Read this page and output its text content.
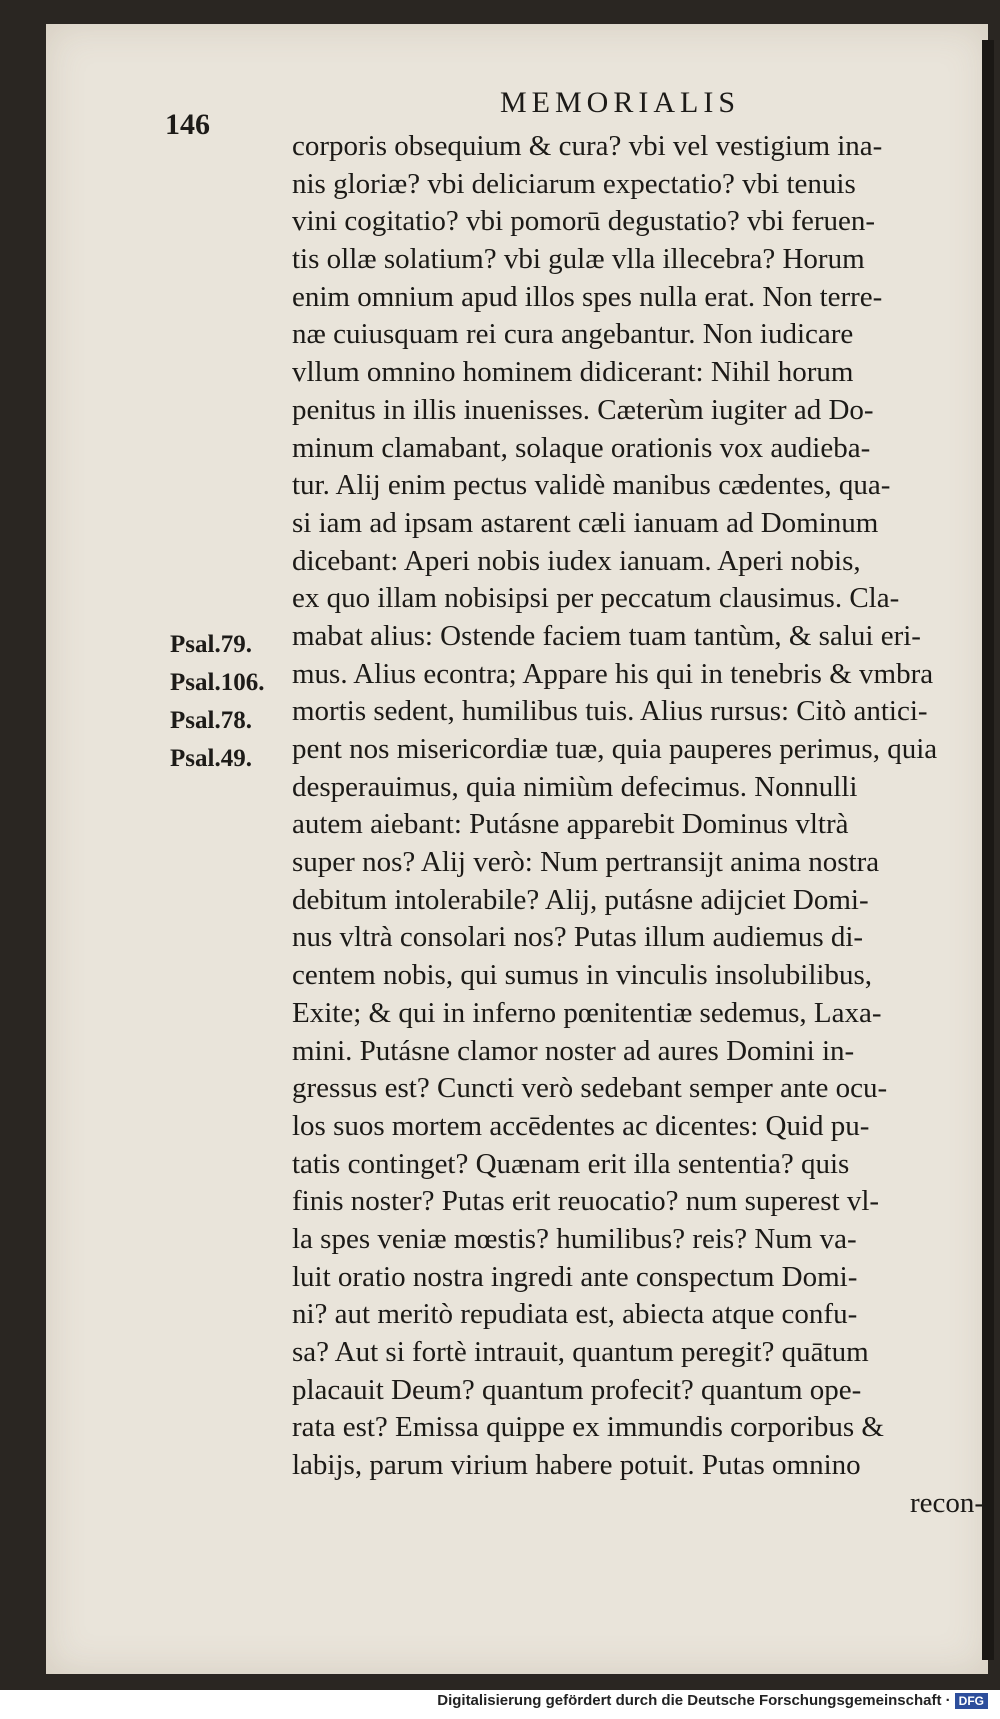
146
MEMORIALIS
corporis obsequium & cura? vbi vel vestigium ina-
nis gloriæ? vbi deliciarum expectatio? vbi tenuis
vini cogitatio? vbi pomorū degustatio? vbi feruen-
tis ollæ solatium? vbi gulæ vlla illecebra? Horum
enim omnium apud illos spes nulla erat. Non terre-
næ cuiusquam rei cura angebantur. Non iudicare
vllum omnino hominem didicerant: Nihil horum
penitus in illis inuenisses. Cæterùm iugiter ad Do-
minum clamabant, solaque orationis vox audieba-
tur. Alij enim pectus validè manibus cædentes, qua-
si iam ad ipsam astarent cæli ianuam ad Dominum
dicebant: Aperi nobis iudex ianuam. Aperi nobis,
ex quo illam nobisipsi per peccatum clausimus. Cla-
mabat alius: Ostende faciem tuam tantùm, & salui eri-
mus. Alius econtra; Appare his qui in tenebris & vmbra
mortis sedent, humilibus tuis. Alius rursus: Citò antici-
pent nos misericordiæ tuæ, quia pauperes perimus, quia
desperauimus, quia nimiùm defecimus. Nonnulli
autem aiebant: Putásne apparebit Dominus vltrà
super nos? Alij verò: Num pertransijt anima nostra
debitum intolerabile? Alij, putásne adijciet Domi-
nus vltrà consolari nos? Putas illum audiemus di-
centem nobis, qui sumus in vinculis insolubilibus,
Exite; & qui in inferno pœnitentiæ sedemus, Laxa-
mini. Putásne clamor noster ad aures Domini in-
gressus est? Cuncti verò sedebant semper ante ocu-
los suos mortem accēdentes ac dicentes: Quid pu-
tatis continget? Quænam erit illa sententia? quis
finis noster? Putas erit reuocatio? num superest vl-
la spes veniæ mœstis? humilibus? reis? Num va-
luit oratio nostra ingredi ante conspectum Domi-
ni? aut meritò repudiata est, abiecta atque confu-
sa? Aut si fortè intrauit, quantum peregit? quātum
placauit Deum? quantum profecit? quantum ope-
rata est? Emissa quippe ex immundis corporibus &
labijs, parum virium habere potuit. Putas omnino
recon-
Psal.79.
Psal.106.
Psal.78.
Psal.49.
Digitalisierung gefördert durch die Deutsche Forschungsgemeinschaft · DFG
